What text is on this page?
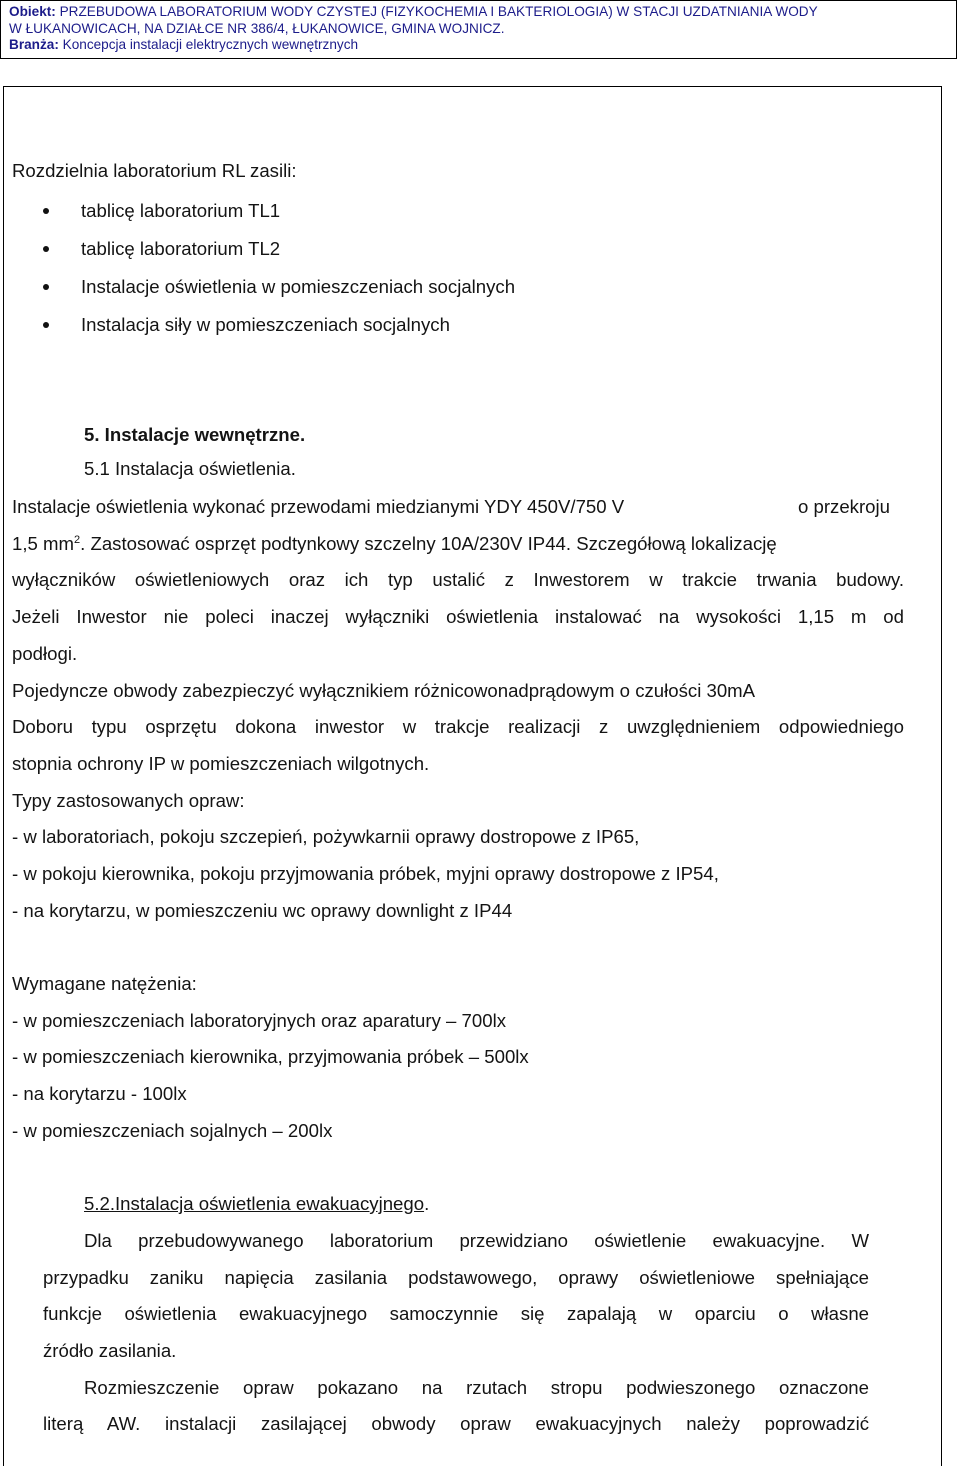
Obiekt: PRZEBUDOWA LABORATORIUM WODY CZYSTEJ (FIZYKOCHEMIA I BAKTERIOLOGIA) W STACJI UZDATNIANIA WODY
W ŁUKANOWICACH, NA DZIAŁCE NR 386/4, ŁUKANOWICE, GMINA WOJNICZ.
Branża: Koncepcja instalacji elektrycznych wewnętrznych
Rozdzielnia laboratorium RL zasili:
tablicę laboratorium TL1
tablicę laboratorium TL2
Instalacje oświetlenia w pomieszczeniach socjalnych
Instalacja siły w pomieszczeniach socjalnych
5. Instalacje wewnętrzne.
5.1 Instalacja oświetlenia.
Instalacje oświetlenia wykonać przewodami miedzianymi YDY 450V/750 V	o przekroju
1,5 $mm^2$. Zastosować osprzęt podtynkowy szczelny 10A/230V IP44. Szczegółową lokalizację
wyłączników oświetleniowych oraz ich typ ustalić z Inwestorem w trakcie trwania budowy.
Jeżeli Inwestor nie poleci inaczej wyłączniki oświetlenia instalować na wysokości 1,15 m od
podłogi.
Pojedyncze obwody zabezpieczyć wyłącznikiem różnicowonadprądowym o czułości 30mA
Doboru typu osprzętu dokona inwestor w trakcje realizacji z uwzględnieniem odpowiedniego
stopnia ochrony IP w pomieszczeniach wilgotnych.
Typy zastosowanych opraw:
- w laboratoriach, pokoju szczepień, pożywkarnii oprawy dostropowe z IP65,
- w pokoju kierownika, pokoju przyjmowania próbek, myjni oprawy dostropowe z IP54,
- na korytarzu, w pomieszczeniu wc oprawy downlight z IP44
Wymagane natężenia:
- w pomieszczeniach laboratoryjnych oraz aparatury – 700lx
- w pomieszczeniach kierownika, przyjmowania próbek – 500lx
- na korytarzu - 100lx
- w pomieszczeniach sojalnych – 200lx
5.2.Instalacja oświetlenia ewakuacyjnego.
Dla przebudowywanego laboratorium przewidziano oświetlenie ewakuacyjne. W
przypadku zaniku napięcia zasilania podstawowego, oprawy oświetleniowe spełniające
funkcje oświetlenia ewakuacyjnego samoczynnie się zapalają w oparciu o własne
źródło zasilania.
Rozmieszczenie opraw pokazano na rzutach stropu podwieszonego oznaczone
literą AW. instalacji zasilającej obwody opraw ewakuacyjnych należy poprowadzić
